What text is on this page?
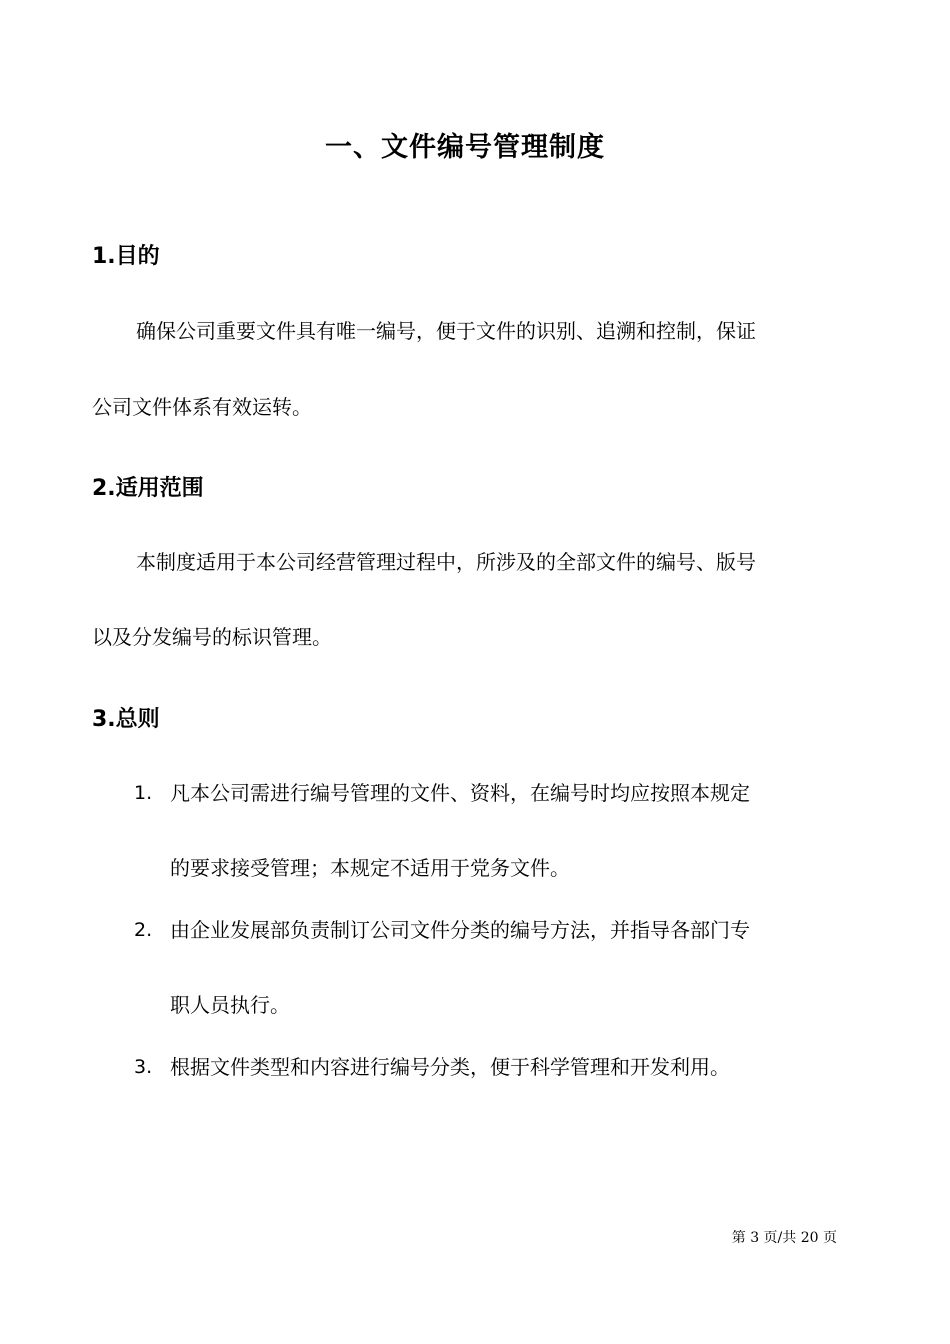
一、文件编号管理制度
1.目的
确保公司重要文件具有唯一编号，便于文件的识别、追溯和控制，保证
公司文件体系有效运转。
2.适用范围
本制度适用于本公司经营管理过程中，所涉及的全部文件的编号、版号
以及分发编号的标识管理。
3.总则
1. 凡本公司需进行编号管理的文件、资料，在编号时均应按照本规定
的要求接受管理；本规定不适用于党务文件。
2. 由企业发展部负责制订公司文件分类的编号方法，并指导各部门专
职人员执行。
3. 根据文件类型和内容进行编号分类，便于科学管理和开发利用。
第 3 页/共 20 页
